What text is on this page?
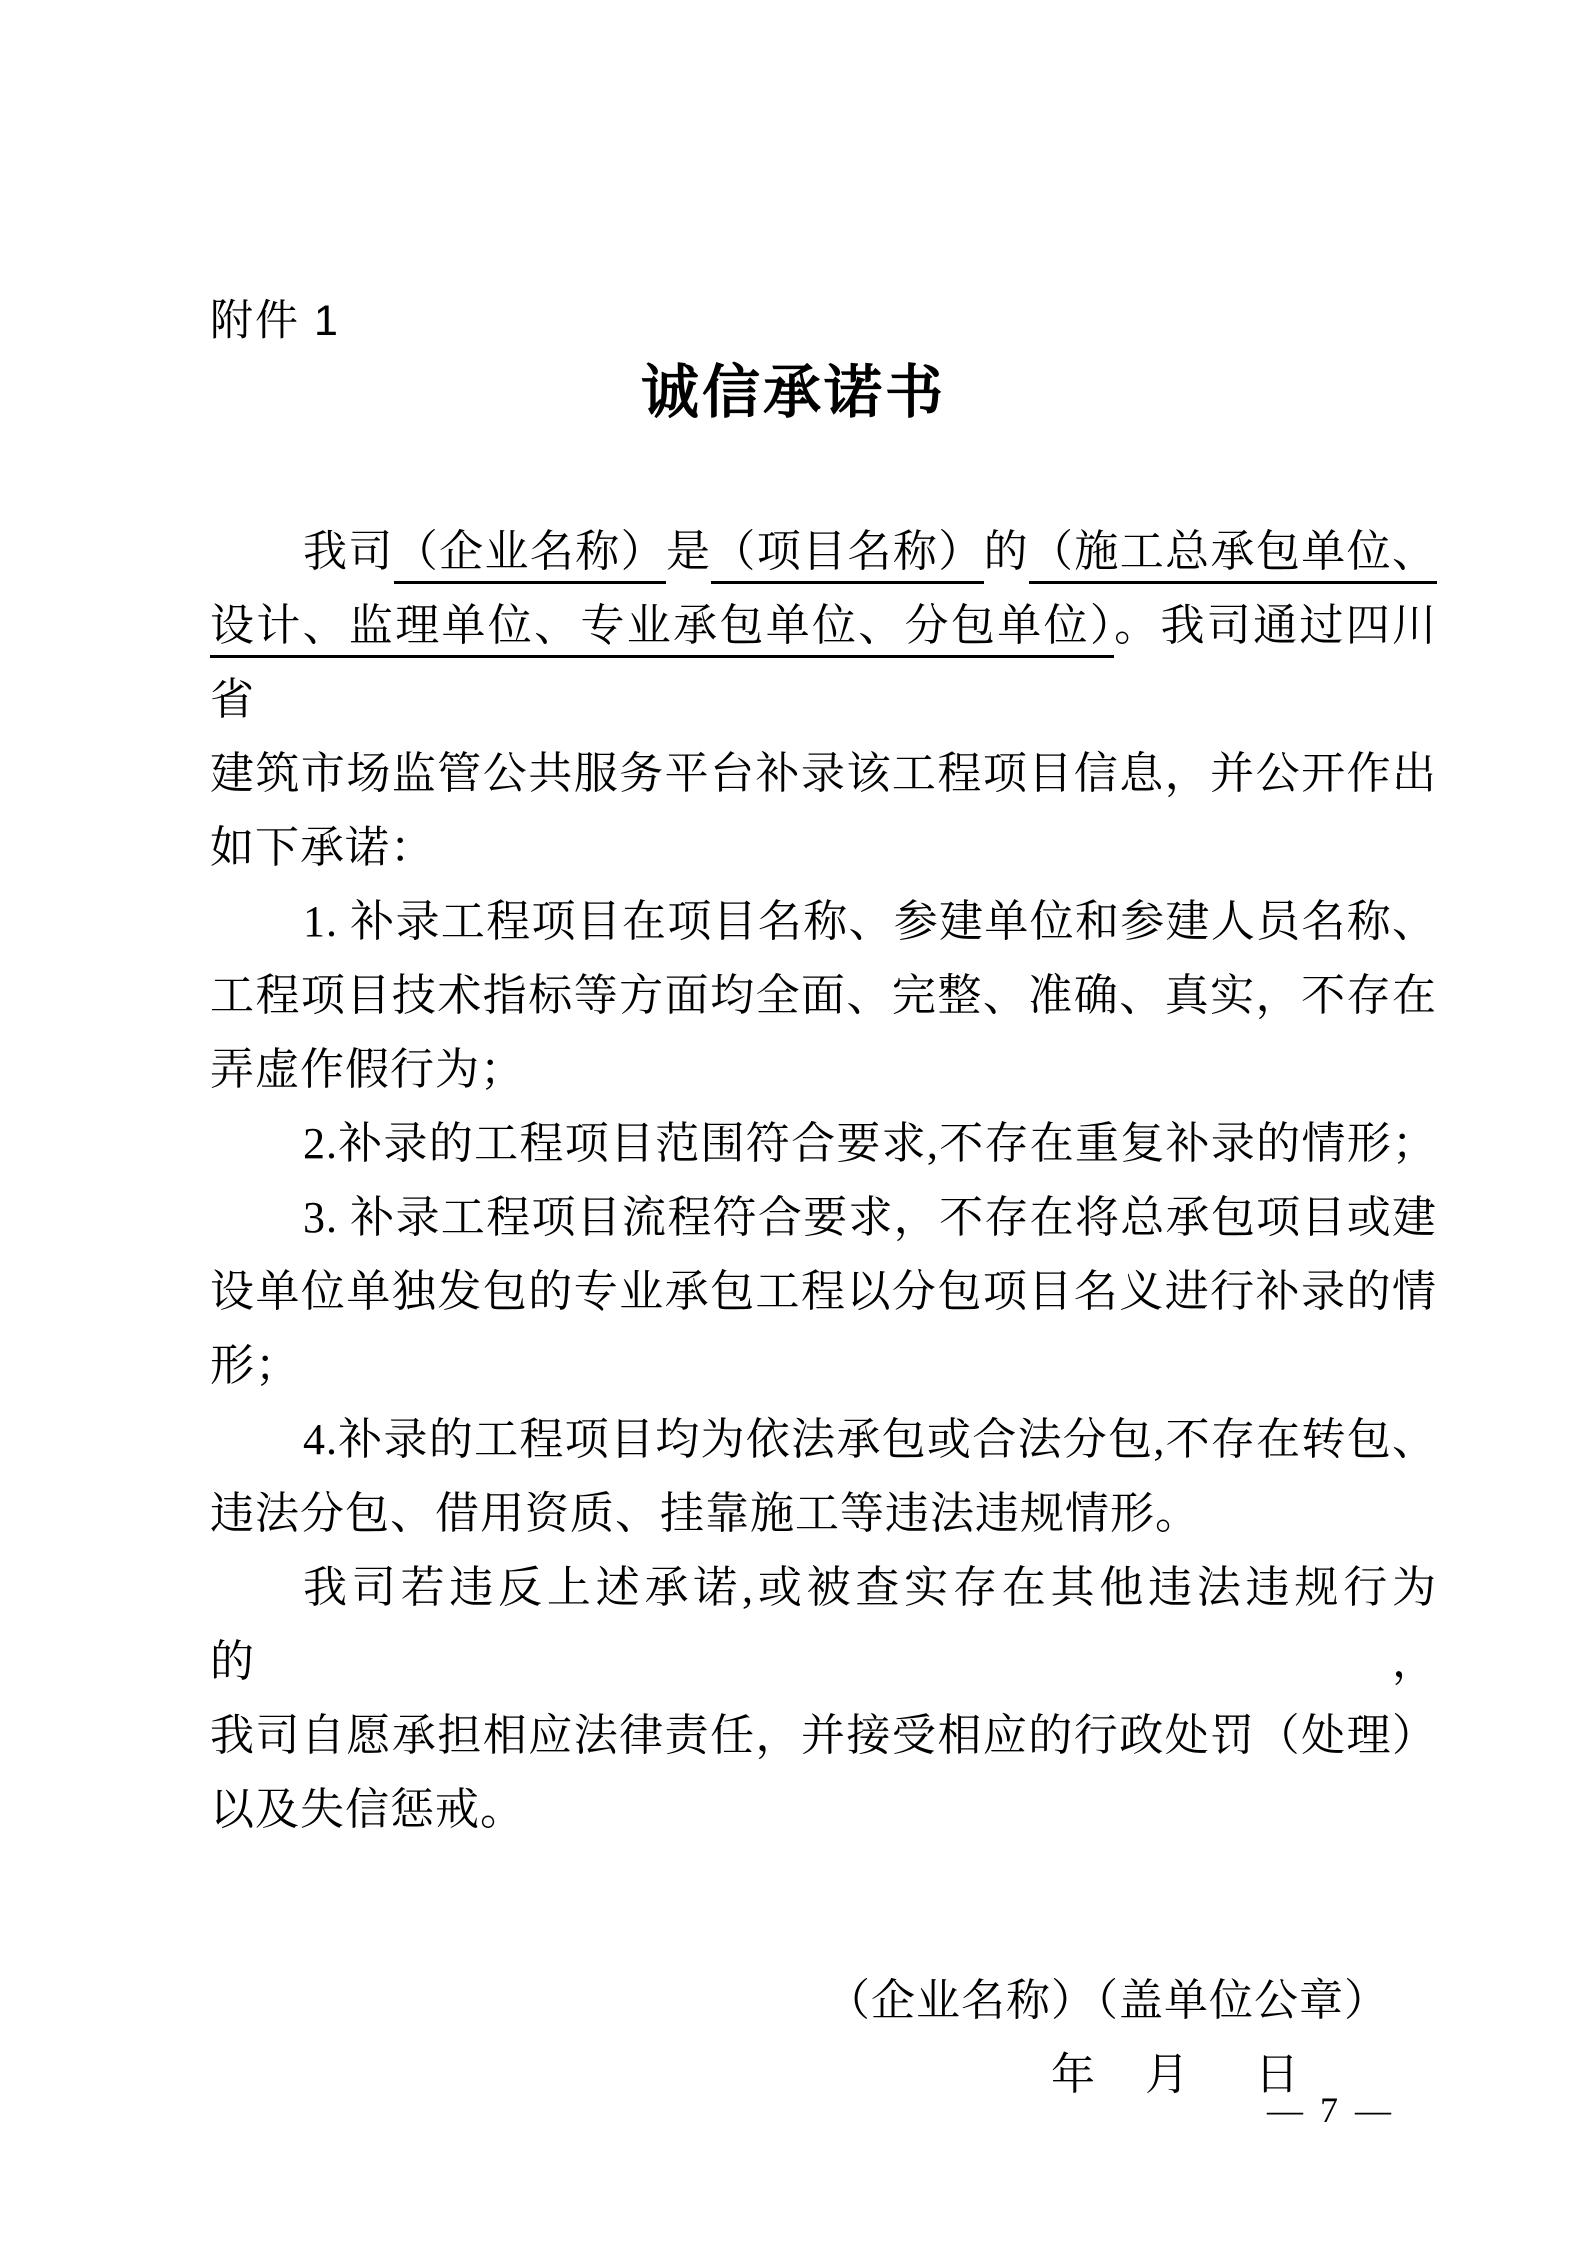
附件 1
诚信承诺书
我司（企业名称）是（项目名称）的（施工总承包单位、
设计、监理单位、专业承包单位、分包单位）。我司通过四川省
建筑市场监管公共服务平台补录该工程项目信息，并公开作出
如下承诺：
1. 补录工程项目在项目名称、参建单位和参建人员名称、
工程项目技术指标等方面均全面、完整、准确、真实，不存在
弄虚作假行为；
2.补录的工程项目范围符合要求,不存在重复补录的情形；
3. 补录工程项目流程符合要求，不存在将总承包项目或建
设单位单独发包的专业承包工程以分包项目名义进行补录的情
形；
4.补录的工程项目均为依法承包或合法分包,不存在转包、
违法分包、借用资质、挂靠施工等违法违规情形。
我司若违反上述承诺,或被查实存在其他违法违规行为的，
我司自愿承担相应法律责任，并接受相应的行政处罚（处理）
以及失信惩戒。
（企业名称）（盖单位公章）
年 月 日
— 7 —
